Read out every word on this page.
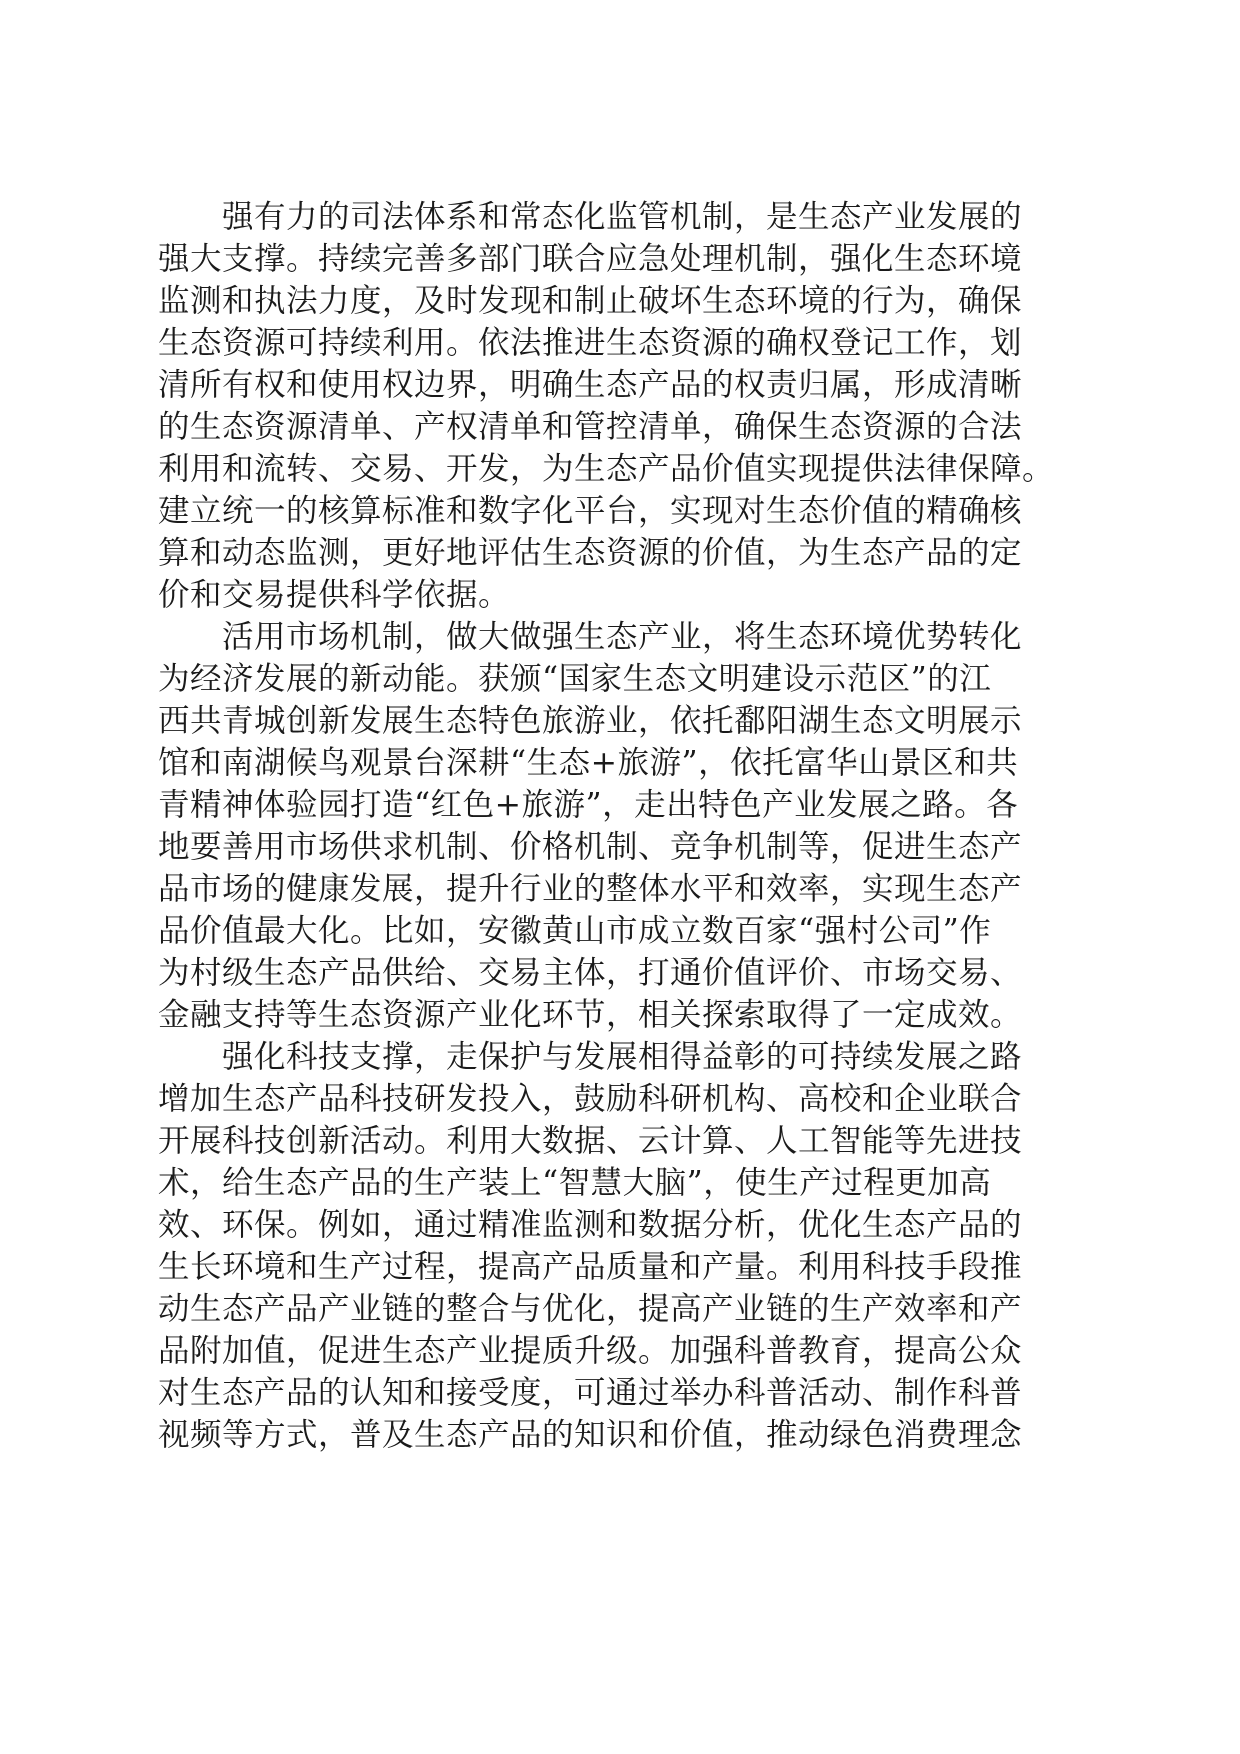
　　强有力的司法体系和常态化监管机制，是生态产业发展的
强大支撑。持续完善多部门联合应急处理机制，强化生态环境
监测和执法力度，及时发现和制止破坏生态环境的行为，确保
生态资源可持续利用。依法推进生态资源的确权登记工作，划
清所有权和使用权边界，明确生态产品的权责归属，形成清晰
的生态资源清单、产权清单和管控清单，确保生态资源的合法
利用和流转、交易、开发，为生态产品价值实现提供法律保障。
建立统一的核算标准和数字化平台，实现对生态价值的精确核
算和动态监测，更好地评估生态资源的价值，为生态产品的定
价和交易提供科学依据。
　　活用市场机制，做大做强生态产业，将生态环境优势转化
为经济发展的新动能。获颁“国家生态文明建设示范区”的江
西共青城创新发展生态特色旅游业，依托鄱阳湖生态文明展示
馆和南湖候鸟观景台深耕“生态+旅游”，依托富华山景区和共
青精神体验园打造“红色+旅游”，走出特色产业发展之路。各
地要善用市场供求机制、价格机制、竞争机制等，促进生态产
品市场的健康发展，提升行业的整体水平和效率，实现生态产
品价值最大化。比如，安徽黄山市成立数百家“强村公司”作
为村级生态产品供给、交易主体，打通价值评价、市场交易、
金融支持等生态资源产业化环节，相关探索取得了一定成效。
　　强化科技支撑，走保护与发展相得益彰的可持续发展之路
增加生态产品科技研发投入，鼓励科研机构、高校和企业联合
开展科技创新活动。利用大数据、云计算、人工智能等先进技
术，给生态产品的生产装上“智慧大脑”，使生产过程更加高
效、环保。例如，通过精准监测和数据分析，优化生态产品的
生长环境和生产过程，提高产品质量和产量。利用科技手段推
动生态产品产业链的整合与优化，提高产业链的生产效率和产
品附加值，促进生态产业提质升级。加强科普教育，提高公众
对生态产品的认知和接受度，可通过举办科普活动、制作科普
视频等方式，普及生态产品的知识和价值，推动绿色消费理念
